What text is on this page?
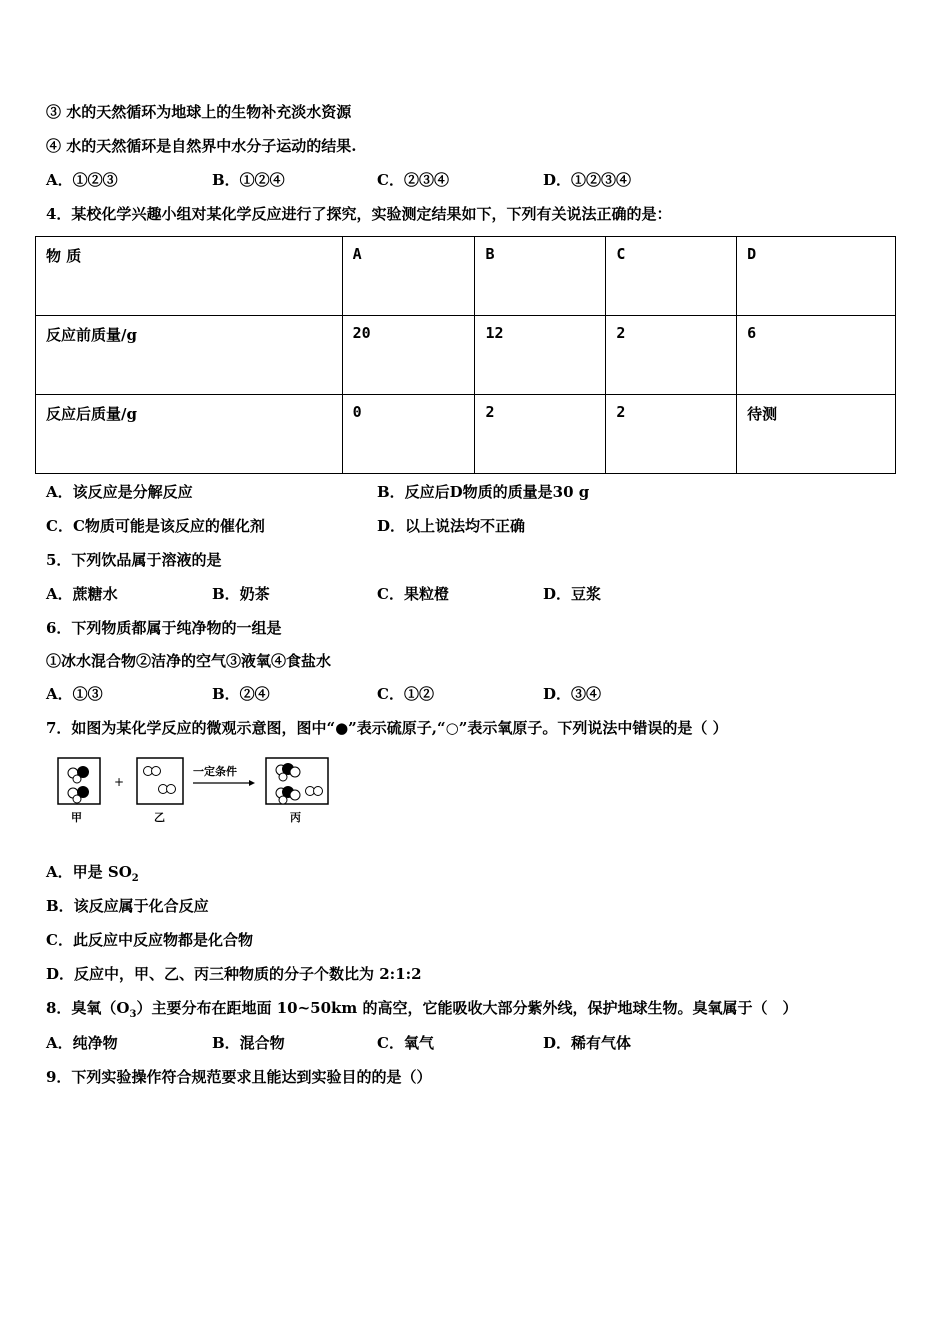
③ 水的天然循环为地球上的生物补充淡水资源
④ 水的天然循环是自然界中水分子运动的结果.
A．①②③	B．①②④	C．②③④	D．①②③④
4．某校化学兴趣小组对某化学反应进行了探究，实验测定结果如下，下列有关说法正确的是：
物 质	A	B	C	D
反应前质量/g	20	12	2	6
反应后质量/g	0	2	2	待测
A．该反应是分解反应	B．反应后D物质的质量是30 g
C．C物质可能是该反应的催化剂	D．以上说法均不正确
5．下列饮品属于溶液的是
A．蔗糖水	B．奶茶	C．果粒橙	D．豆浆
6．下列物质都属于纯净物的一组是
①冰水混合物②洁净的空气③液氧④食盐水
A．①③	B．②④	C．①②	D．③④
7．如图为某化学反应的微观示意图，图中“●”表示硫原子,“○”表示氧原子。下列说法中错误的是（ ）
+
一定条件
甲	乙	丙
A．甲是 $SO_2$
B．该反应属于化合反应
C．此反应中反应物都是化合物
D．反应中，甲、乙、丙三种物质的分子个数比为 2:1:2
8．臭氧$(O_3)$主要分布在距地面 10~50km 的高空，它能吸收大部分紫外线，保护地球生物。臭氧属于（　）
A．纯净物	B．混合物	C．氧气	D．稀有气体
9．下列实验操作符合规范要求且能达到实验目的的是（）
